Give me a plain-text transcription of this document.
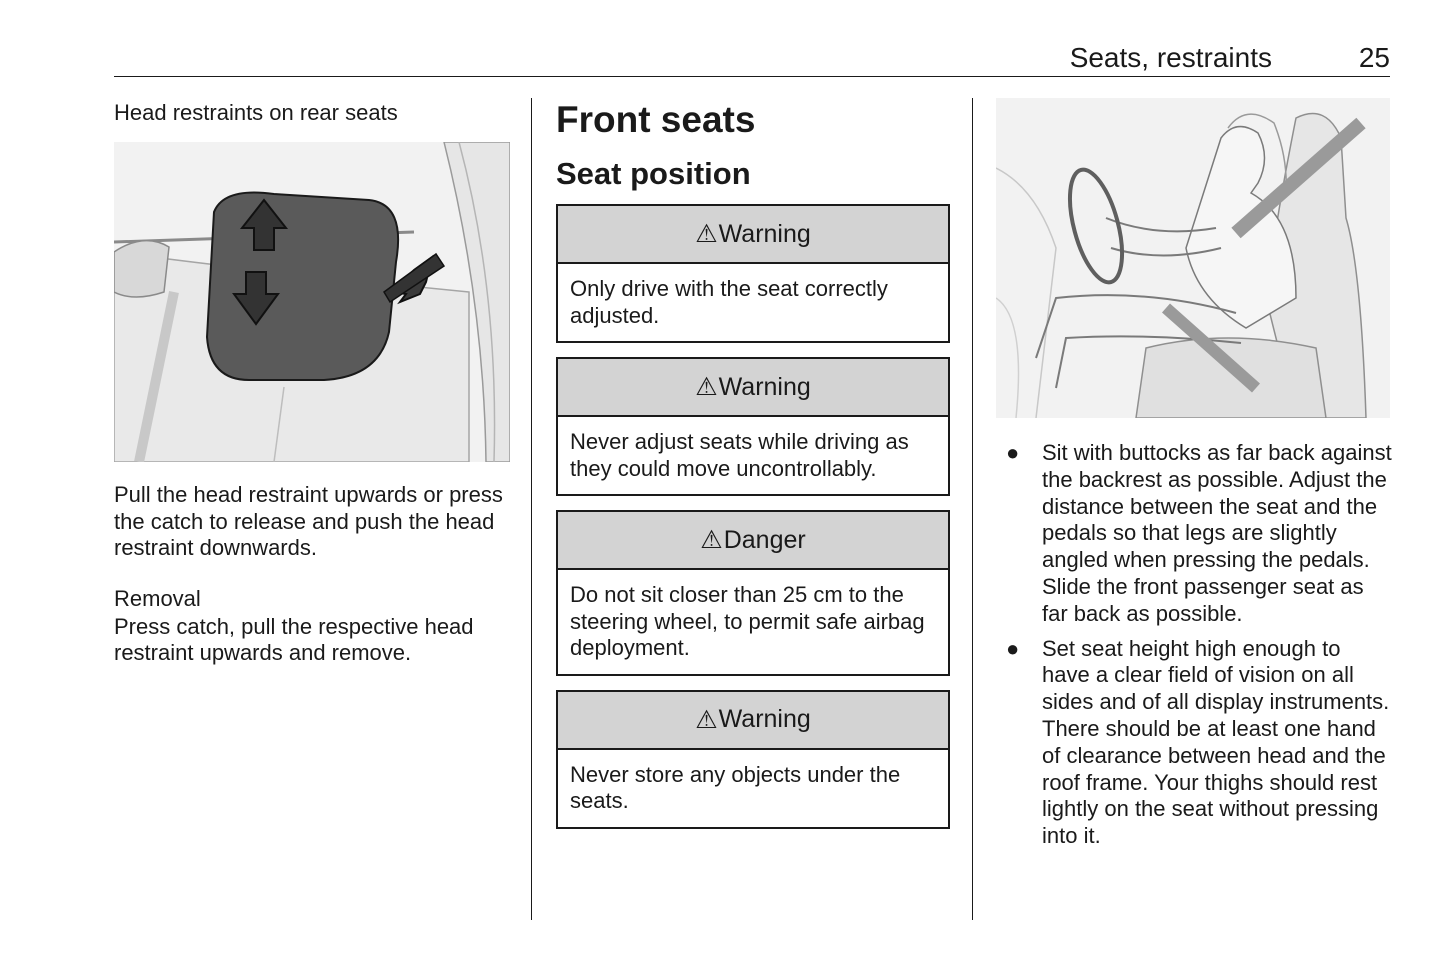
Seats, restraints	25
Head restraints on rear seats

Pull the head restraint upwards or press the catch to release and push the head restraint downwards.

Removal

Press catch, pull the respective head restraint upwards and remove.

Front seats
Seat position
⚠ Warning
Only drive with the seat correctly adjusted.
⚠ Warning
Never adjust seats while driving as they could move uncontrollably.
⚠ Danger
Do not sit closer than 25 cm to the steering wheel, to permit safe airbag deployment.
⚠ Warning
Never store any objects under the seats.
● Sit with buttocks as far back against the backrest as possible. Adjust the distance between the seat and the pedals so that legs are slightly angled when pressing the pedals. Slide the front passenger seat as far back as possible.
● Set seat height high enough to have a clear field of vision on all sides and of all display instruments. There should be at least one hand of clearance between head and the roof frame. Your thighs should rest lightly on the seat without pressing into it.
